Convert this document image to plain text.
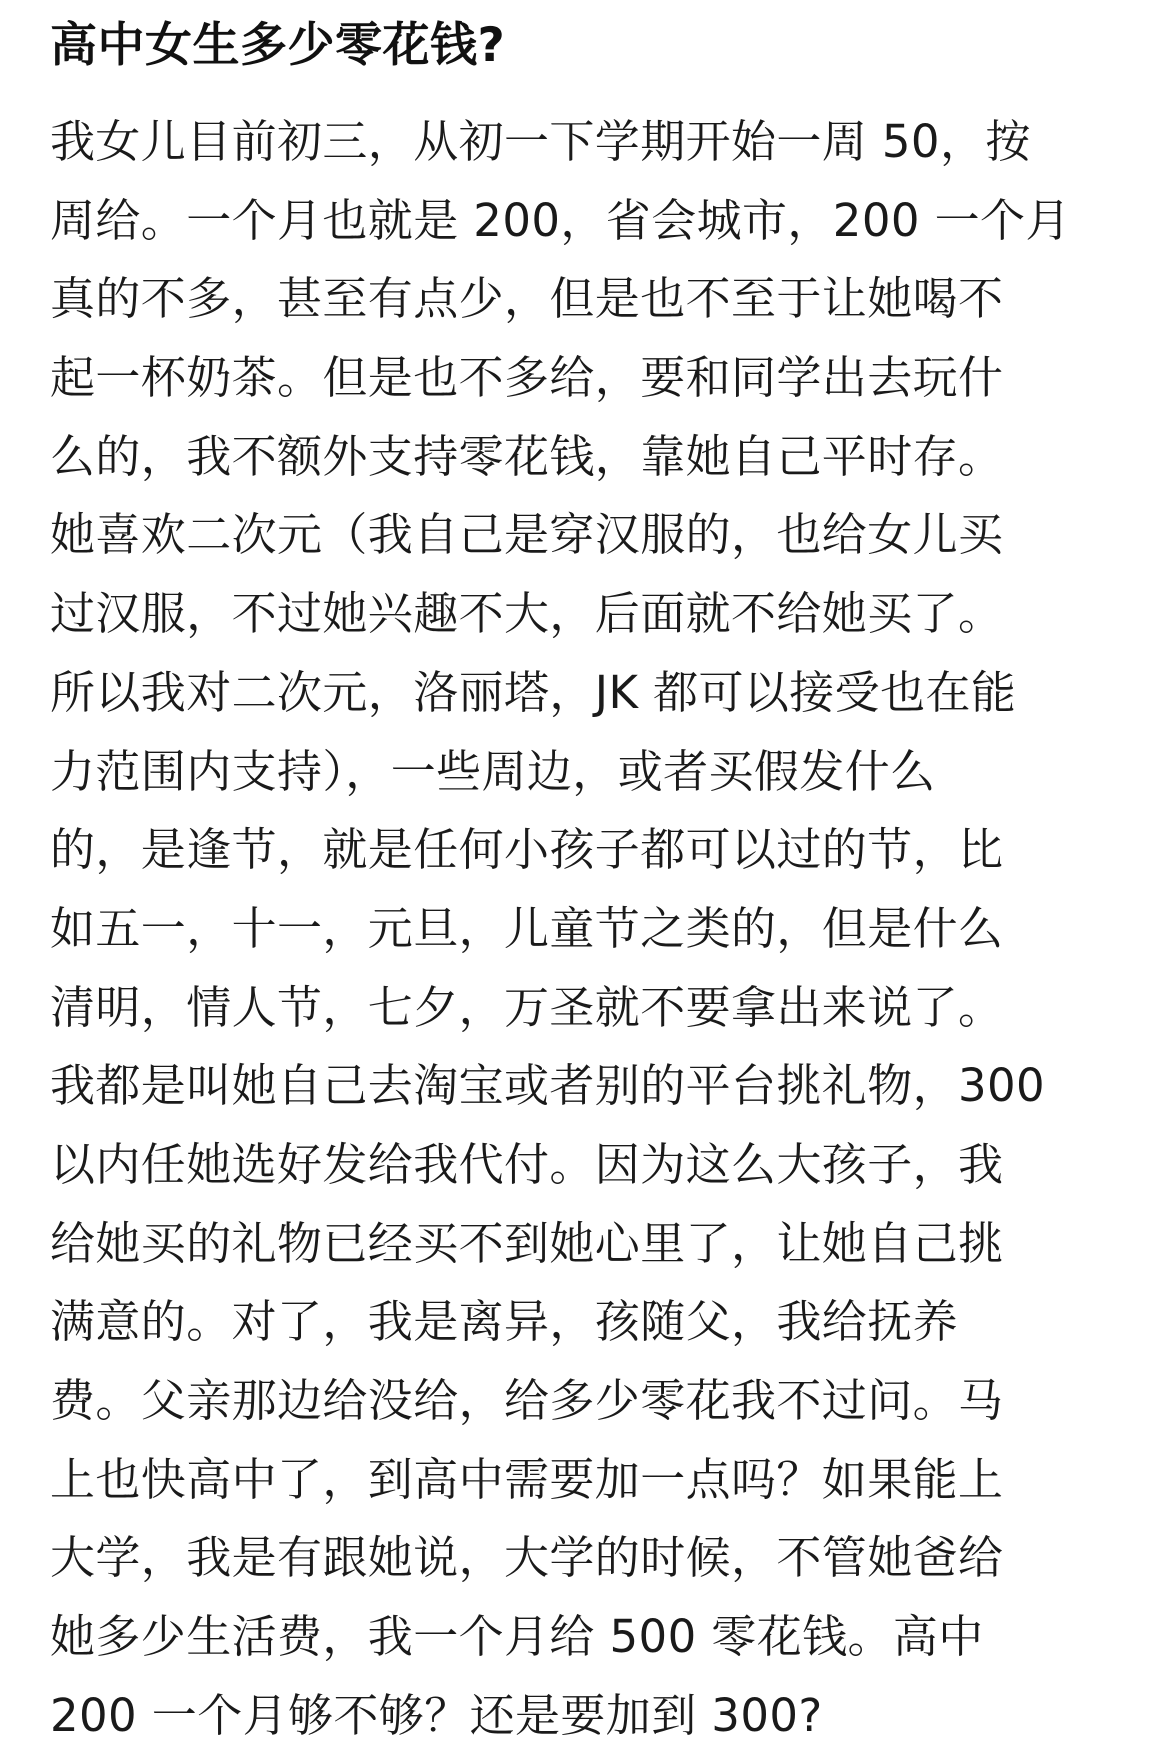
高中女生多少零花钱?
我女儿目前初三，从初一下学期开始一周 50，按
周给。一个月也就是 200，省会城市，200 一个月
真的不多，甚至有点少，但是也不至于让她喝不
起一杯奶茶。但是也不多给，要和同学出去玩什
么的，我不额外支持零花钱，靠她自己平时存。
她喜欢二次元（我自己是穿汉服的，也给女儿买
过汉服，不过她兴趣不大，后面就不给她买了。
所以我对二次元，洛丽塔，JK 都可以接受也在能
力范围内支持），一些周边，或者买假发什么
的，是逢节，就是任何小孩子都可以过的节，比
如五一，十一，元旦，儿童节之类的，但是什么
清明，情人节，七夕，万圣就不要拿出来说了。
我都是叫她自己去淘宝或者别的平台挑礼物，300
以内任她选好发给我代付。因为这么大孩子，我
给她买的礼物已经买不到她心里了，让她自己挑
满意的。对了，我是离异，孩随父，我给抚养
费。父亲那边给没给，给多少零花我不过问。马
上也快高中了，到高中需要加一点吗？如果能上
大学，我是有跟她说，大学的时候，不管她爸给
她多少生活费，我一个月给 500 零花钱。高中
200 一个月够不够？还是要加到 300?
